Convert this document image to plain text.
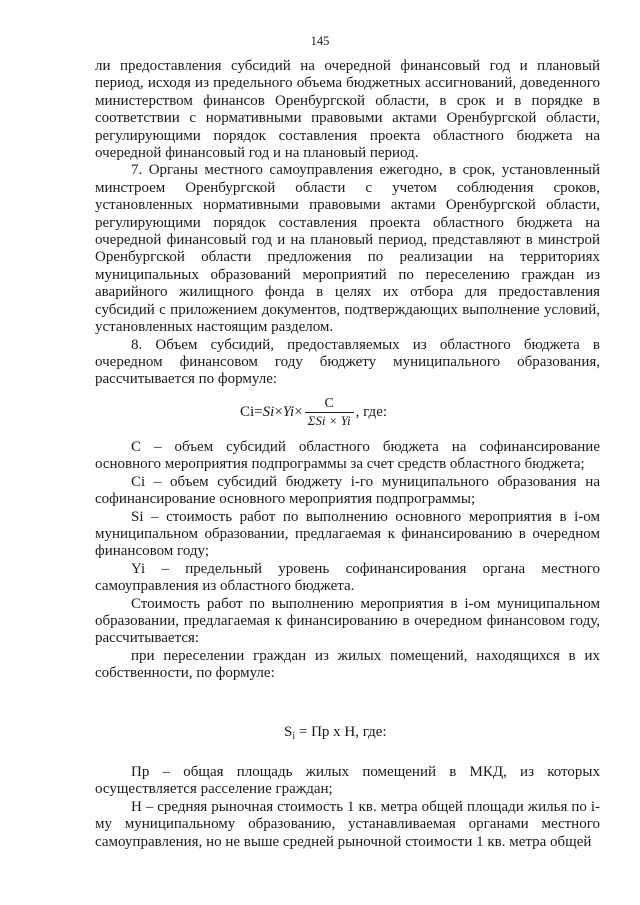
145

ли предоставления субсидий на очередной финансовый год и плановый период, исходя из предельного объема бюджетных ассигнований, доведенного министерством финансов Оренбургской области, в срок и в порядке в соответствии с нормативными правовыми актами Оренбургской области, регулирующими порядок составления проекта областного бюджета на очередной финансовый год и на плановый период.

7. Органы местного самоуправления ежегодно, в срок, установленный минстроем Оренбургской области с учетом соблюдения сроков, установленных нормативными правовыми актами Оренбургской области, регулирующими порядок составления проекта областного бюджета на очередной финансовый год и на плановый период, представляют в минстрой Оренбургской области предложения по реализации на территориях муниципальных образований мероприятий по переселению граждан из аварийного жилищного фонда в целях их отбора для предоставления субсидий с приложением документов, подтверждающих выполнение условий, установленных настоящим разделом.

8. Объем субсидий, предоставляемых из областного бюджета в очередном финансовом году бюджету муниципального образования, рассчитывается по формуле:

$Ci= Si \times Yi \times \frac{C}{\text{ΣSi × Yi}}$ , где:

С – объем субсидий областного бюджета на софинансирование основного мероприятия подпрограммы за счет средств областного бюджета;

Сi – объем субсидий бюджету i-го муниципального образования на софинансирование основного мероприятия подпрограммы;

Si – стоимость работ по выполнению основного мероприятия в i-ом муниципальном образовании, предлагаемая к финансированию в очередном финансовом году;

Yi – предельный уровень софинансирования органа местного самоуправления из областного бюджета.

Стоимость работ по выполнению мероприятия в i-ом муниципальном образовании, предлагаемая к финансированию в очередном финансовом году, рассчитывается:

при переселении граждан из жилых помещений, находящихся в их собственности, по формуле:

$S_i$ = Пр х Н, где:

Пр – общая площадь жилых помещений в МКД, из которых осуществляется расселение граждан;

Н – средняя рыночная стоимость 1 кв. метра общей площади жилья по i-му муниципальному образованию, устанавливаемая органами местного самоуправления, но не выше средней рыночной стоимости 1 кв. метра общей
